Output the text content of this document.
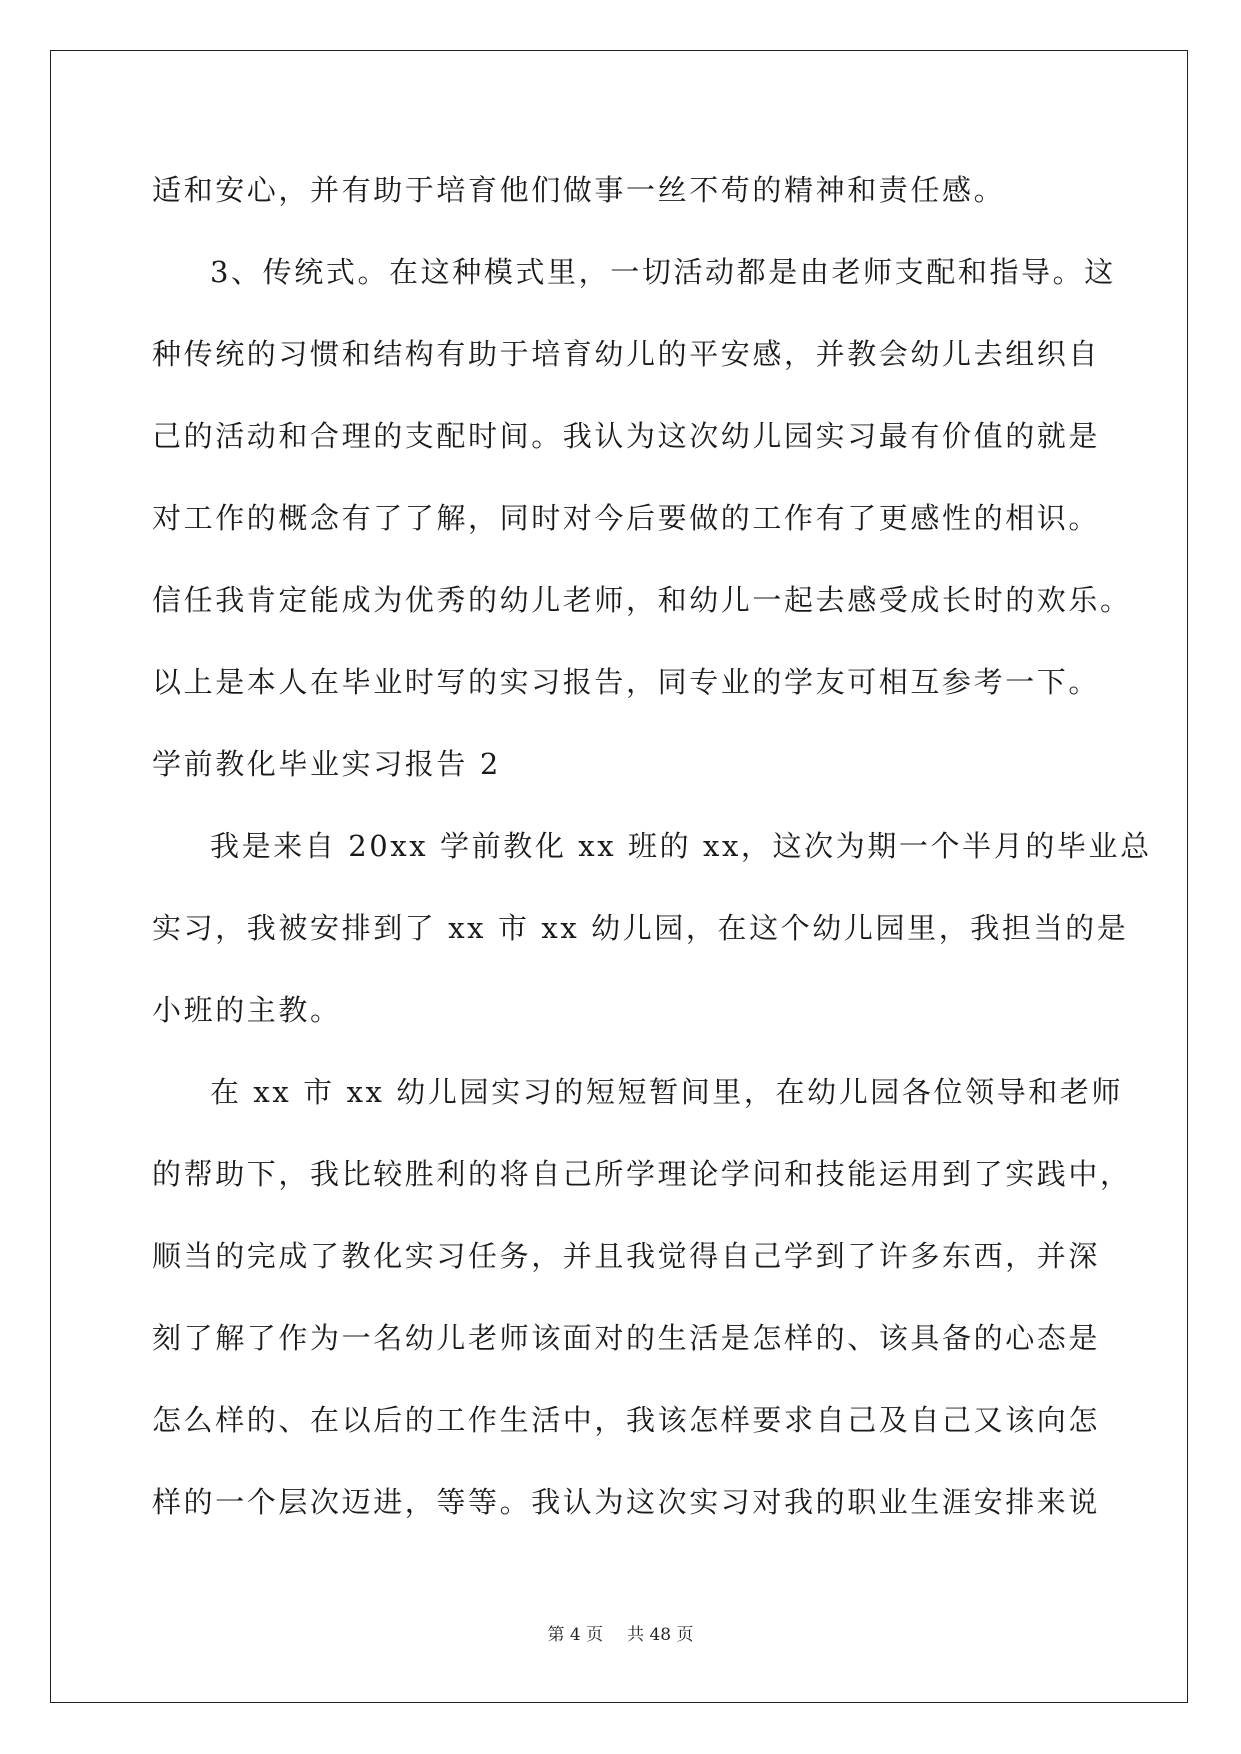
适和安心，并有助于培育他们做事一丝不苟的精神和责任感。
3、传统式。在这种模式里，一切活动都是由老师支配和指导。这
种传统的习惯和结构有助于培育幼儿的平安感，并教会幼儿去组织自
己的活动和合理的支配时间。我认为这次幼儿园实习最有价值的就是
对工作的概念有了了解，同时对今后要做的工作有了更感性的相识。
信任我肯定能成为优秀的幼儿老师，和幼儿一起去感受成长时的欢乐。
以上是本人在毕业时写的实习报告，同专业的学友可相互参考一下。
学前教化毕业实习报告 2
我是来自 20xx 学前教化 xx 班的 xx，这次为期一个半月的毕业总
实习，我被安排到了 xx 市 xx 幼儿园，在这个幼儿园里，我担当的是
小班的主教。
在 xx 市 xx 幼儿园实习的短短暂间里，在幼儿园各位领导和老师
的帮助下，我比较胜利的将自己所学理论学问和技能运用到了实践中，
顺当的完成了教化实习任务，并且我觉得自己学到了许多东西，并深
刻了解了作为一名幼儿老师该面对的生活是怎样的、该具备的心态是
怎么样的、在以后的工作生活中，我该怎样要求自己及自己又该向怎
样的一个层次迈进，等等。我认为这次实习对我的职业生涯安排来说
第 4 页 共 48 页
